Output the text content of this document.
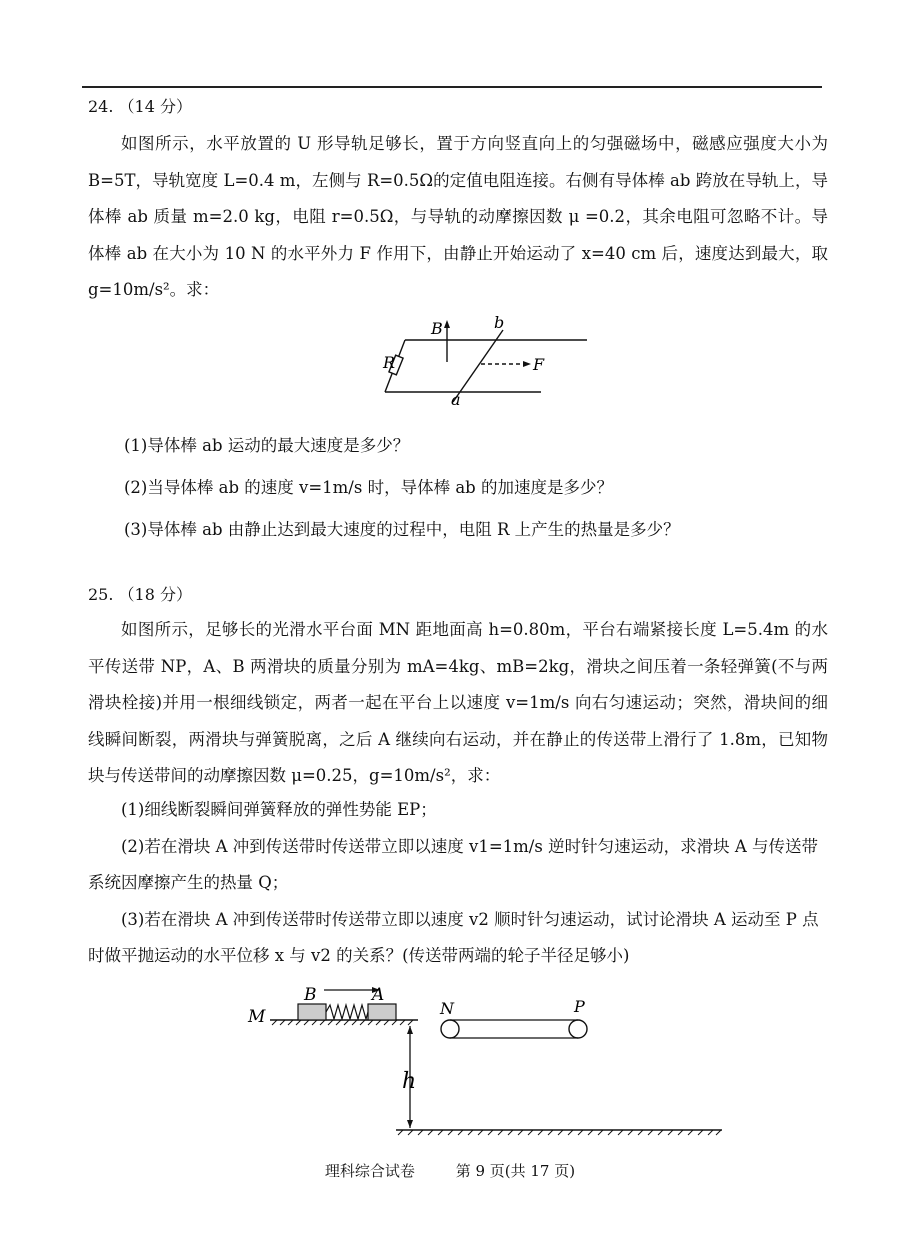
24. （14 分）

如图所示，水平放置的 U 形导轨足够长，置于方向竖直向上的匀强磁场中，磁感应强度大小为 B=5T，导轨宽度 L=0.4 m，左侧与 R=0.5Ω的定值电阻连接。右侧有导体棒 ab 跨放在导轨上，导体棒 ab 质量 m=2.0 kg，电阻 r=0.5Ω，与导轨的动摩擦因数 μ =0.2，其余电阻可忽略不计。导体棒 ab 在大小为 10 N 的水平外力 F 作用下，由静止开始运动了 x=40 cm 后，速度达到最大，取 g=10m/s²。求：

B	b
R	F
a
(1)导体棒 ab 运动的最大速度是多少？
(2)当导体棒 ab 的速度 v=1m/s 时，导体棒 ab 的加速度是多少？
(3)导体棒 ab 由静止达到最大速度的过程中，电阻 R 上产生的热量是多少？
25. （18 分）

如图所示，足够长的光滑水平台面 MN 距地面高 h=0.80m，平台右端紧接长度 L=5.4m 的水平传送带 NP，A、B 两滑块的质量分别为 mA=4kg、mB=2kg，滑块之间压着一条轻弹簧(不与两滑块栓接)并用一根细线锁定，两者一起在平台上以速度 v=1m/s 向右匀速运动；突然，滑块间的细线瞬间断裂，两滑块与弹簧脱离，之后 A 继续向右运动，并在静止的传送带上滑行了 1.8m，已知物块与传送带间的动摩擦因数 μ=0.25，g=10m/s²，求：

(1)细线断裂瞬间弹簧释放的弹性势能 EP；

(2)若在滑块 A 冲到传送带时传送带立即以速度 v1=1m/s 逆时针匀速运动，求滑块 A 与传送带系统因摩擦产生的热量 Q；

(3)若在滑块 A 冲到传送带时传送带立即以速度 v2 顺时针匀速运动，试讨论滑块 A 运动至 P 点时做平抛运动的水平位移 x 与 v2 的关系？(传送带两端的轮子半径足够小)

M
B	A
N	P
h
理科综合试卷	第 9 页(共 17 页)
